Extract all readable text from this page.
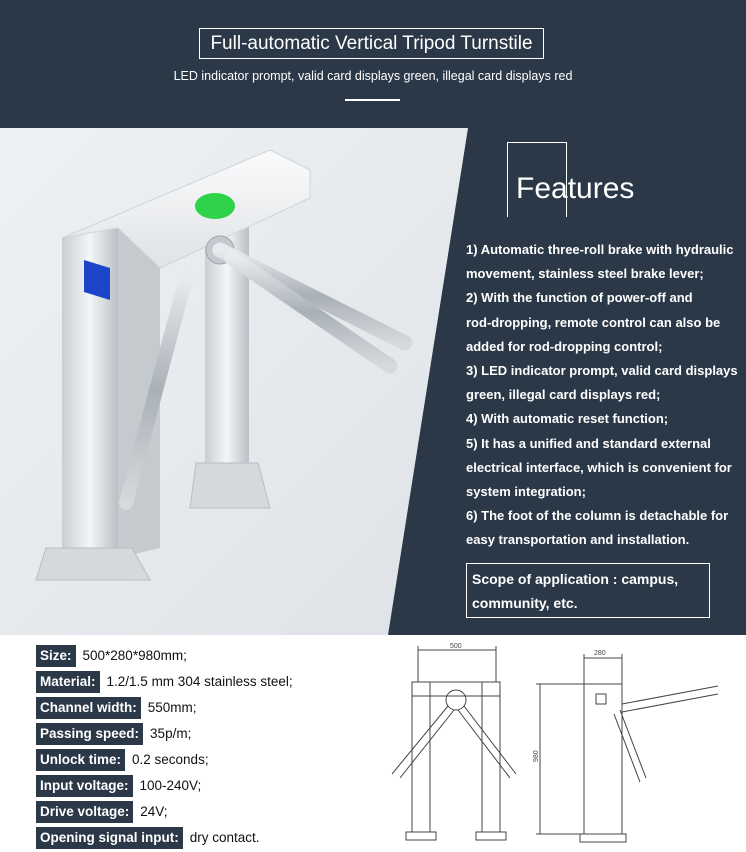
Full-automatic Vertical Tripod Turnstile
LED indicator prompt, valid card displays green, illegal card displays red
Features
1) Automatic three-roll brake with hydraulic
movement, stainless steel brake lever;
2) With the function of power-off and
rod-dropping, remote control can also be
added for rod-dropping control;
3) LED indicator prompt, valid card displays
green, illegal card displays red;
4) With automatic reset function;
5) It has a unified and standard external
electrical interface, which is convenient for
system integration;
6) The foot of the column is detachable for
easy transportation and installation.
Scope of application : campus,
community, etc.
Size: 500*280*980mm;
Material: 1.2/1.5 mm 304 stainless steel;
Channel width: 550mm;
Passing speed: 35p/m;
Unlock time: 0.2 seconds;
Input voltage: 100-240V;
Drive voltage: 24V;
Opening signal input: dry contact.
500
280
980
